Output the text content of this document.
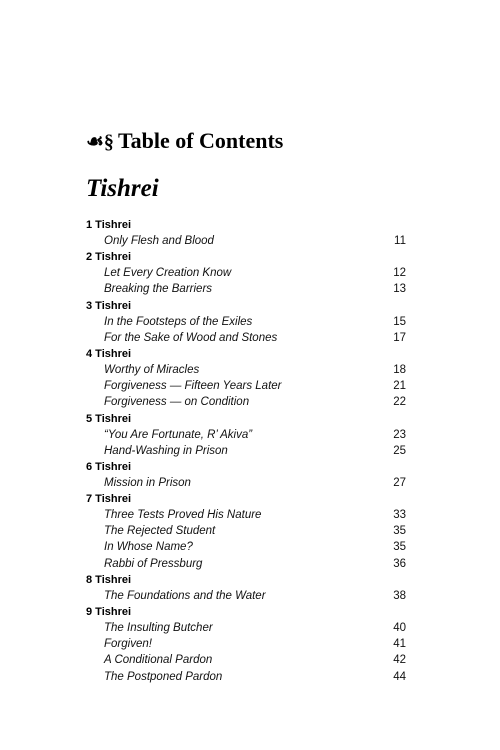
☙§ Table of Contents
Tishrei
1 Tishrei
Only Flesh and Blood	11
2 Tishrei
Let Every Creation Know	12
Breaking the Barriers	13
3 Tishrei
In the Footsteps of the Exiles	15
For the Sake of Wood and Stones	17
4 Tishrei
Worthy of Miracles	18
Forgiveness — Fifteen Years Later	21
Forgiveness — on Condition	22
5 Tishrei
“You Are Fortunate, R’ Akiva”	23
Hand-Washing in Prison	25
6 Tishrei
Mission in Prison	27
7 Tishrei
Three Tests Proved His Nature	33
The Rejected Student	35
In Whose Name?	35
Rabbi of Pressburg	36
8 Tishrei
The Foundations and the Water	38
9 Tishrei
The Insulting Butcher	40
Forgiven!	41
A Conditional Pardon	42
The Postponed Pardon	44
